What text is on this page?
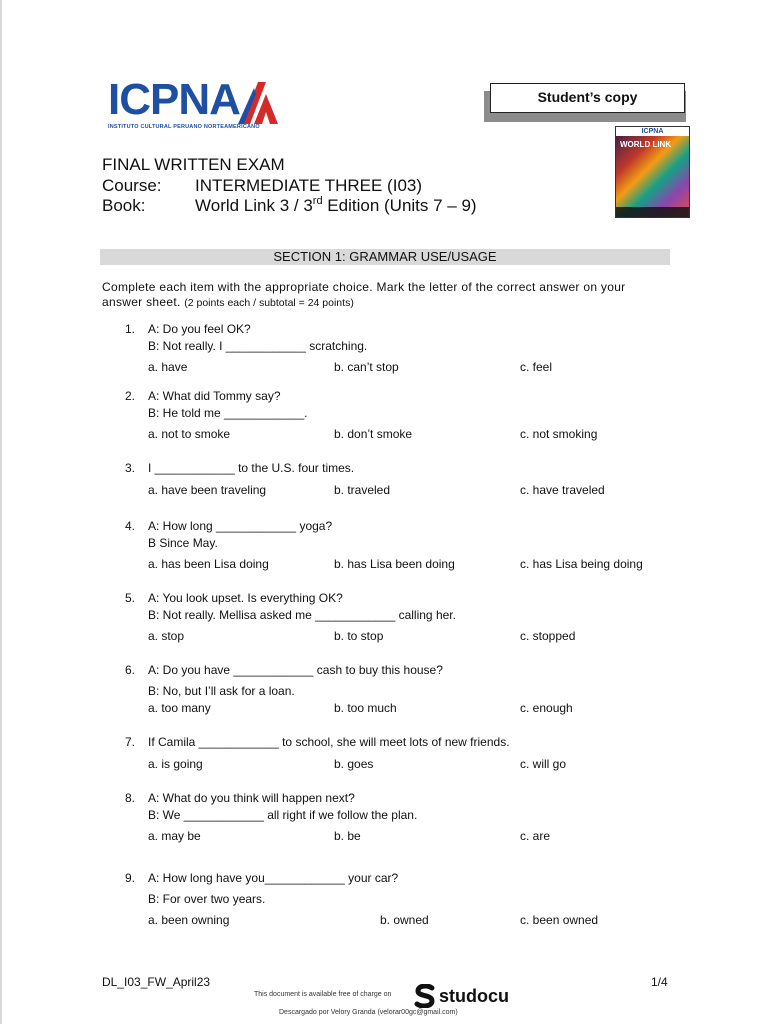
ICPNA
INSTITUTO CULTURAL PERUANO NORTEAMERICANO
Student’s copy
ICPNA
WORLD LINK
FINAL WRITTEN EXAM
Course: INTERMEDIATE THREE (I03)
Book:	World Link 3 / 3rd Edition (Units 7 – 9)
SECTION 1: GRAMMAR USE/USAGE
Complete each item with the appropriate choice. Mark the letter of the correct answer on your answer sheet. (2 points each / subtotal = 24 points)
1. A: Do you feel OK?
B: Not really. I ____________ scratching.
a. have	b. can’t stop	c. feel
2. A: What did Tommy say?
B: He told me ____________.
a. not to smoke	b. don’t smoke	c. not smoking
3. I ____________ to the U.S. four times.
a. have been traveling	b. traveled	c. have traveled
4. A: How long ____________ yoga?
B Since May.
a. has been Lisa doing	b. has Lisa been doing	c. has Lisa being doing
5. A: You look upset. Is everything OK?
B: Not really. Mellisa asked me ____________ calling her.
a. stop	b. to stop	c. stopped
6. A: Do you have ____________ cash to buy this house?
B: No, but I’ll ask for a loan.
a. too many	b. too much	c. enough
7. If Camila ____________ to school, she will meet lots of new friends.
a. is going	b. goes	c. will go
8. A: What do you think will happen next?
B: We ____________ all right if we follow the plan.
a. may be	b. be	c. are
9. A: How long have you____________ your car?
B: For over two years.
a. been owning	b. owned	c. been owned
DL_I03_FW_April23	1/4
This document is available free of charge on	studocu
Descargado por Velory Granda (velorar00gc@gmail.com)
